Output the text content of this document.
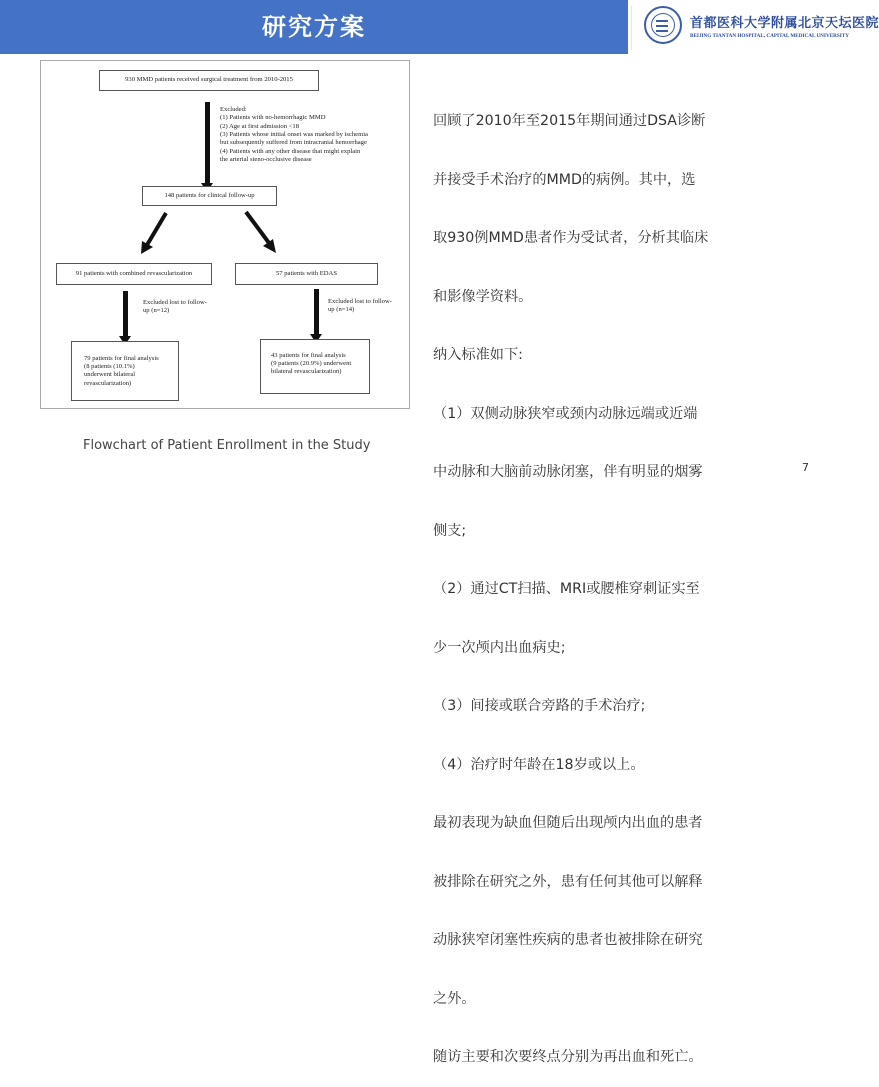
研究方案	首都医科大学附属北京天坛医院
BEIJING TIANTAN HOSPITAL, CAPITAL MEDICAL UNIVERSITY
930 MMD patients received surgical treatment from 2010-2015
Excluded:
(1) Patients with no-hemorrhagic MMD
(2) Age at first admission <18
(3) Patients whose initial onset was marked by ischemia
but subsequently suffered from intracranial hemorrhage
(4) Patients with any other disease that might explain
the arterial steno-occlusive disease
148 patients for clinical follow-up
91 patients with combined revascularization	57 patients with EDAS
Excluded lost to follow-
up (n=12)
Excluded lost to follow-
up (n=14)
79 patients for final analysis
(8 patients (10.1%)
underwent bilateral
revascularization)
43 patients for final analysis
(9 patients (20.9%) underwent
bilateral revascularization)

回顾了2010年至2015年期间通过DSA诊断

并接受手术治疗的MMD的病例。其中，选

取930例MMD患者作为受试者，分析其临床

和影像学资料。

纳入标准如下:

（1）双侧动脉狭窄或颈内动脉远端或近端

中动脉和大脑前动脉闭塞，伴有明显的烟雾

侧支;

（2）通过CT扫描、MRI或腰椎穿刺证实至

少一次颅内出血病史;

（3）间接或联合旁路的手术治疗;

（4）治疗时年龄在18岁或以上。

最初表现为缺血但随后出现颅内出血的患者

被排除在研究之外，患有任何其他可以解释

动脉狭窄闭塞性疾病的患者也被排除在研究

之外。

随访主要和次要终点分别为再出血和死亡。

Flowchart of Patient Enrollment in the Study
7
